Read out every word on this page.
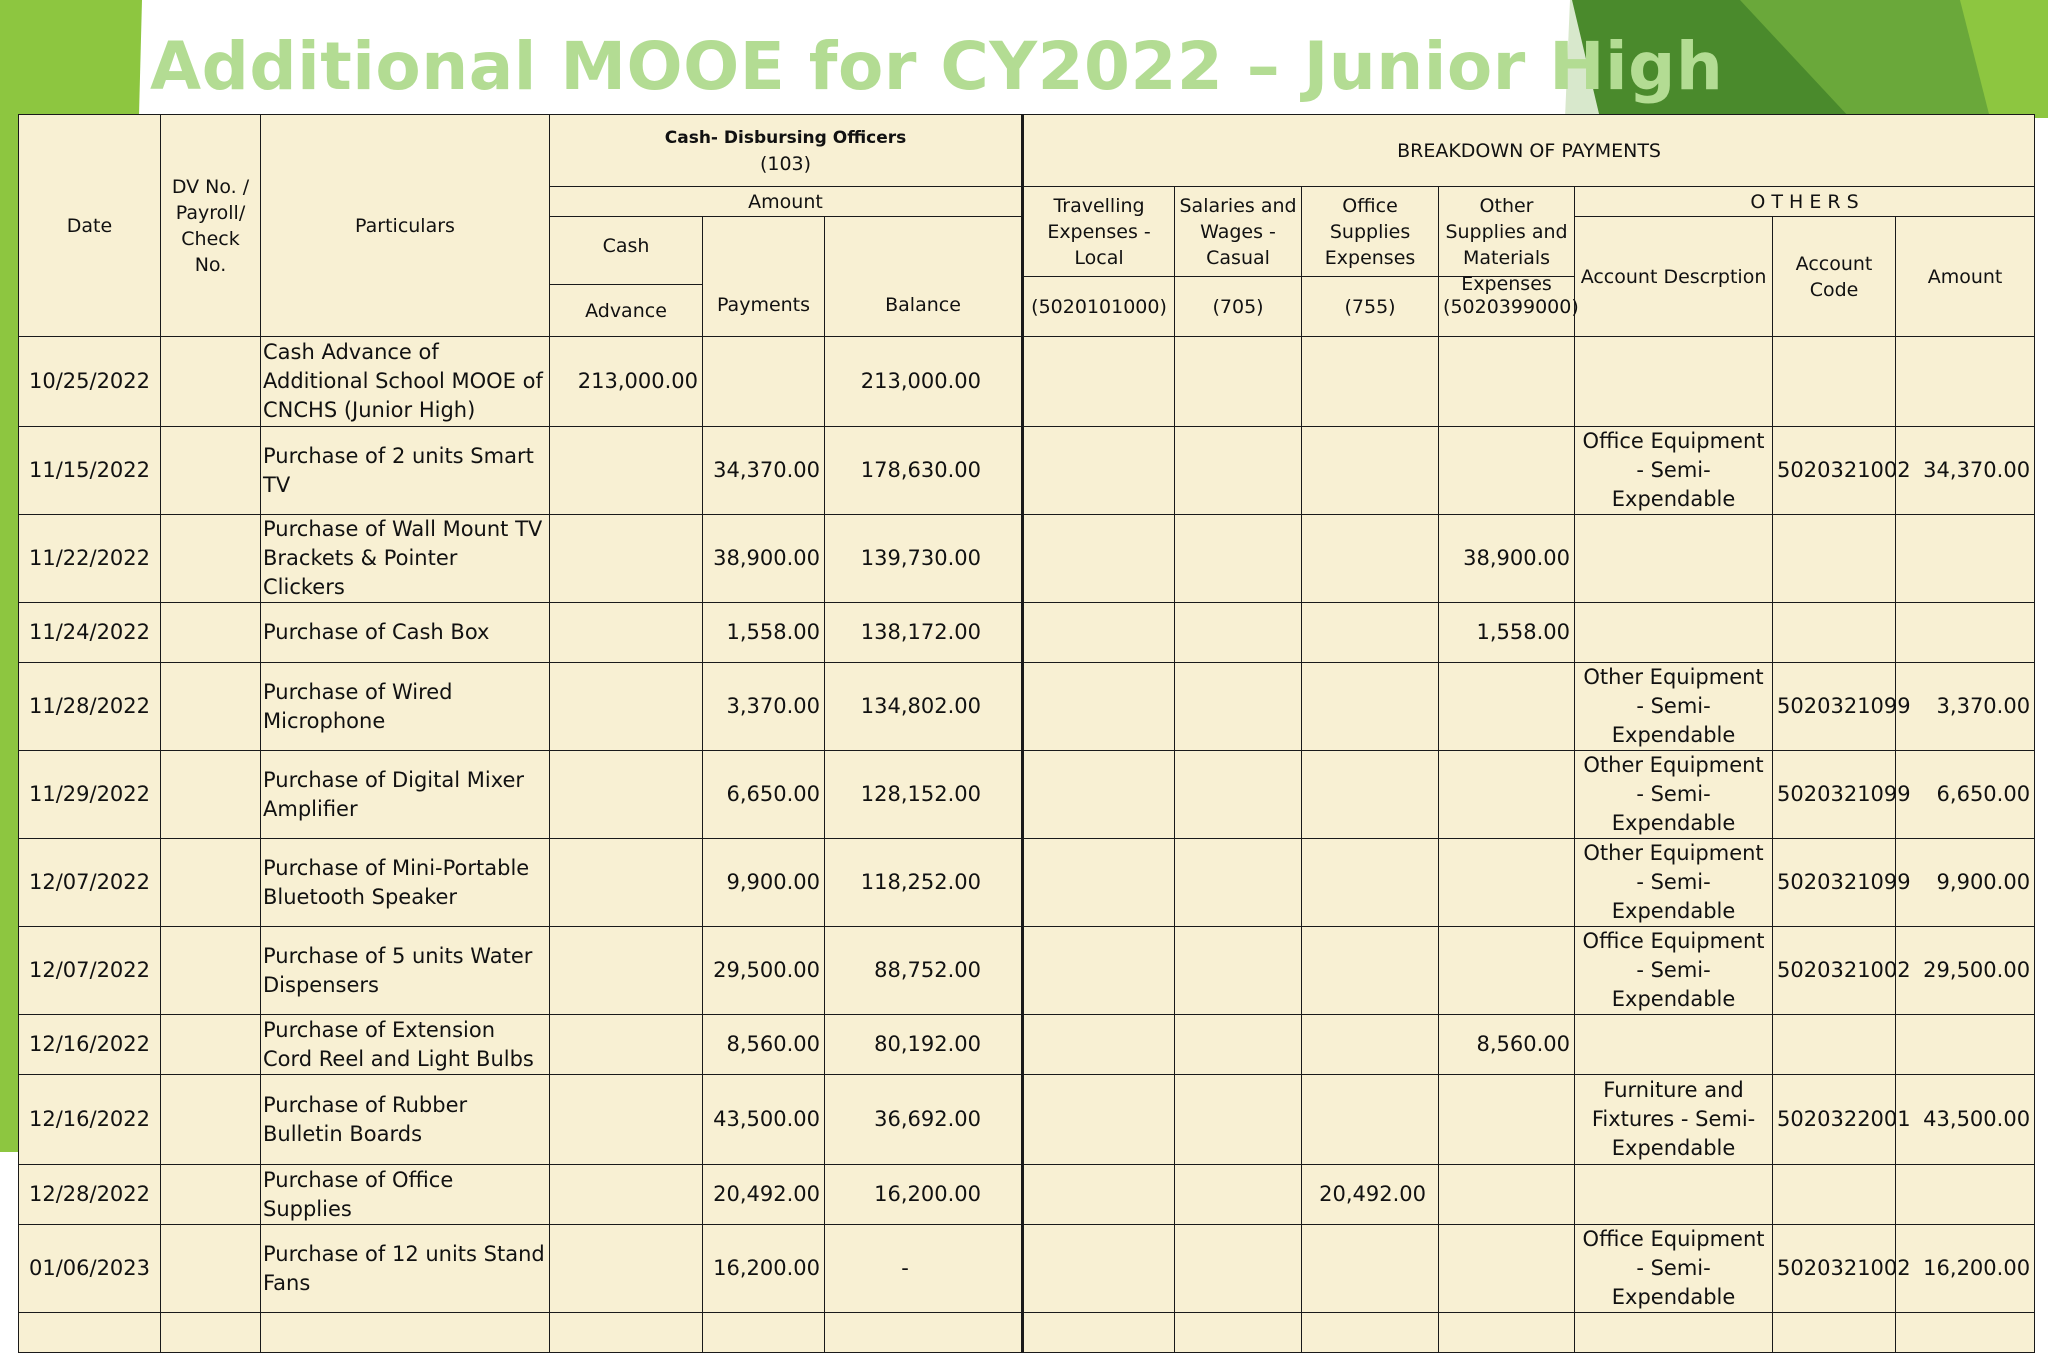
Additional MOOE for CY2022 – Junior High
Date	DV No. / Payroll/ Check No.	Particulars	Cash- Disbursing Officers
(103)			BREAKDOWN OF PAYMENTS						
			Amount			Travelling Expenses - Local	Salaries and Wages - Casual	Office Supplies Expenses	Other Supplies and Materials Expenses	O T H E R S		
			Cash	Payments	Balance					Account Descrption	Account Code	Amount
						(5020101000)	(705)	(755)	(5020399000)			
			Advance									
10/25/2022		Cash Advance of Additional School MOOE of CNCHS (Junior High)	213,000.00		213,000.00							
11/15/2022		Purchase of 2 units Smart TV		34,370.00	178,630.00					Office Equipment - Semi-Expendable	5020321002	34,370.00
11/22/2022		Purchase of Wall Mount TV Brackets & Pointer Clickers		38,900.00	139,730.00				38,900.00			
11/24/2022		Purchase of Cash Box		1,558.00	138,172.00				1,558.00			
11/28/2022		Purchase of Wired Microphone		3,370.00	134,802.00					Other Equipment - Semi-Expendable	5020321099	3,370.00
11/29/2022		Purchase of Digital Mixer Amplifier		6,650.00	128,152.00					Other Equipment - Semi-Expendable	5020321099	6,650.00
12/07/2022		Purchase of Mini-Portable Bluetooth Speaker		9,900.00	118,252.00					Other Equipment - Semi-Expendable	5020321099	9,900.00
12/07/2022		Purchase of 5 units Water Dispensers		29,500.00	88,752.00					Office Equipment - Semi-Expendable	5020321002	29,500.00
12/16/2022		Purchase of Extension Cord Reel and Light Bulbs		8,560.00	80,192.00				8,560.00			
12/16/2022		Purchase of Rubber Bulletin Boards		43,500.00	36,692.00					Furniture and Fixtures - Semi-Expendable	5020322001	43,500.00
12/28/2022		Purchase of Office Supplies		20,492.00	16,200.00			20,492.00				
01/06/2023		Purchase of 12 units Stand Fans		16,200.00	-					Office Equipment - Semi-Expendable	5020321002	16,200.00
